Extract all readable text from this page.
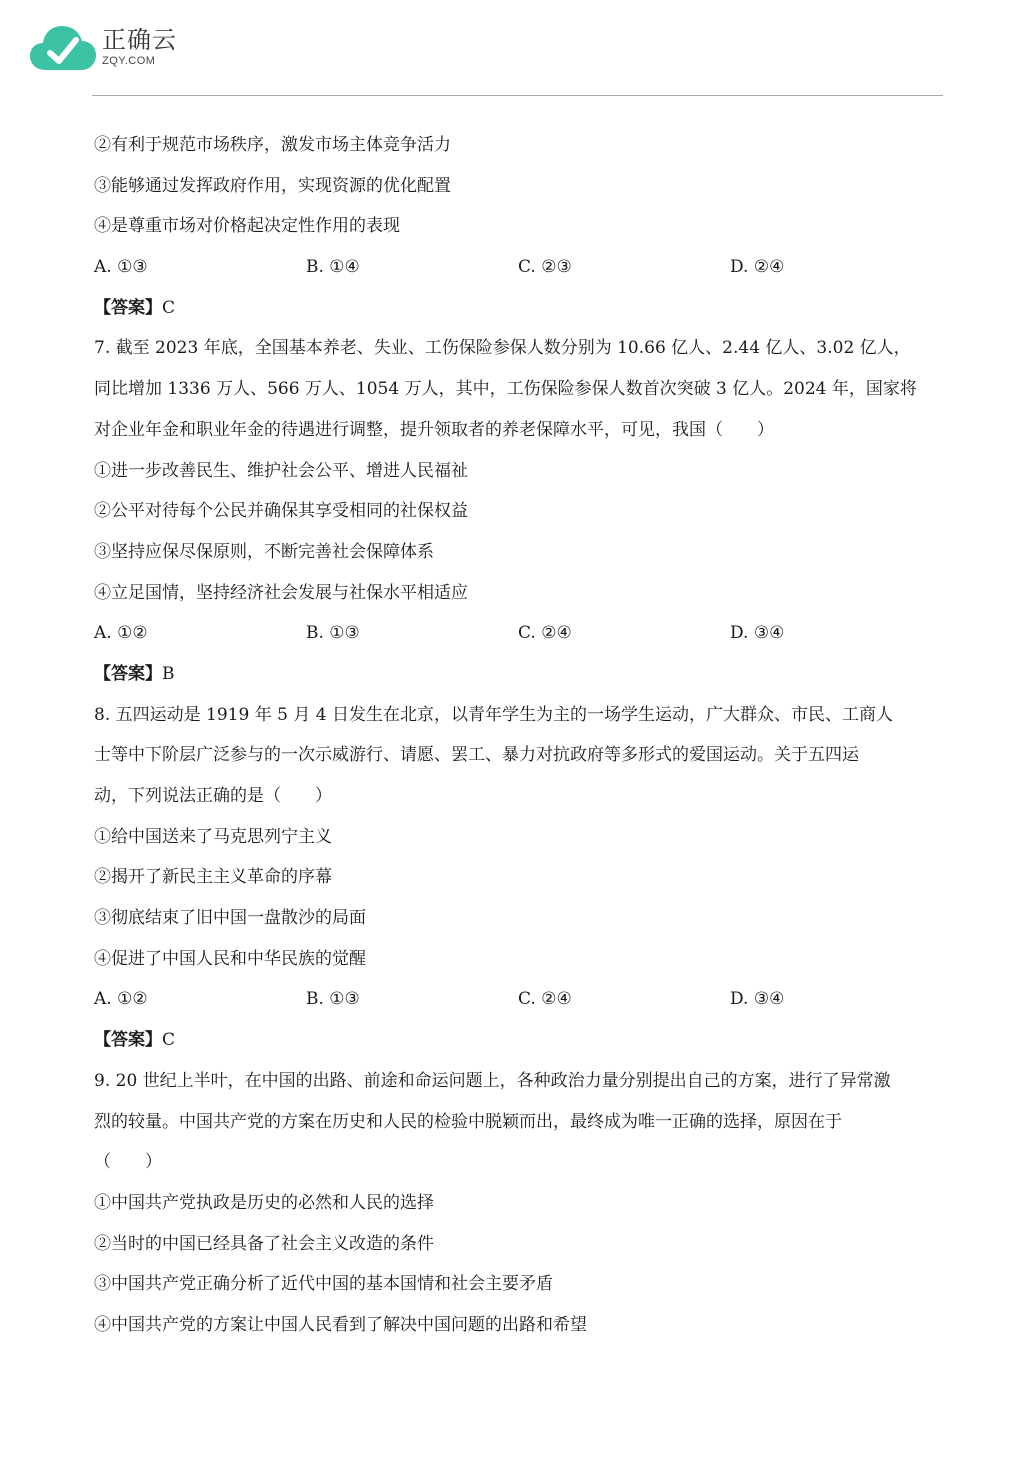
正确云
ZQY.COM
②有利于规范市场秩序，激发市场主体竞争活力
③能够通过发挥政府作用，实现资源的优化配置
④是尊重市场对价格起决定性作用的表现
A. ①③	B. ①④	C. ②③	D. ②④
【答案】C
7. 截至 2023 年底，全国基本养老、失业、工伤保险参保人数分别为 10.66 亿人、2.44 亿人、3.02 亿人，
同比增加 1336 万人、566 万人、1054 万人，其中，工伤保险参保人数首次突破 3 亿人。2024 年，国家将
对企业年金和职业年金的待遇进行调整，提升领取者的养老保障水平，可见，我国（　　）
①进一步改善民生、维护社会公平、增进人民福祉
②公平对待每个公民并确保其享受相同的社保权益
③坚持应保尽保原则，不断完善社会保障体系
④立足国情，坚持经济社会发展与社保水平相适应
A. ①②	B. ①③	C. ②④	D. ③④
【答案】B
8. 五四运动是 1919 年 5 月 4 日发生在北京，以青年学生为主的一场学生运动，广大群众、市民、工商人
士等中下阶层广泛参与的一次示威游行、请愿、罢工、暴力对抗政府等多形式的爱国运动。关于五四运
动，下列说法正确的是（　　）
①给中国送来了马克思列宁主义
②揭开了新民主主义革命的序幕
③彻底结束了旧中国一盘散沙的局面
④促进了中国人民和中华民族的觉醒
A. ①②	B. ①③	C. ②④	D. ③④
【答案】C
9. 20 世纪上半叶，在中国的出路、前途和命运问题上，各种政治力量分别提出自己的方案，进行了异常激
烈的较量。中国共产党的方案在历史和人民的检验中脱颖而出，最终成为唯一正确的选择，原因在于
（　　）
①中国共产党执政是历史的必然和人民的选择
②当时的中国已经具备了社会主义改造的条件
③中国共产党正确分析了近代中国的基本国情和社会主要矛盾
④中国共产党的方案让中国人民看到了解决中国问题的出路和希望
